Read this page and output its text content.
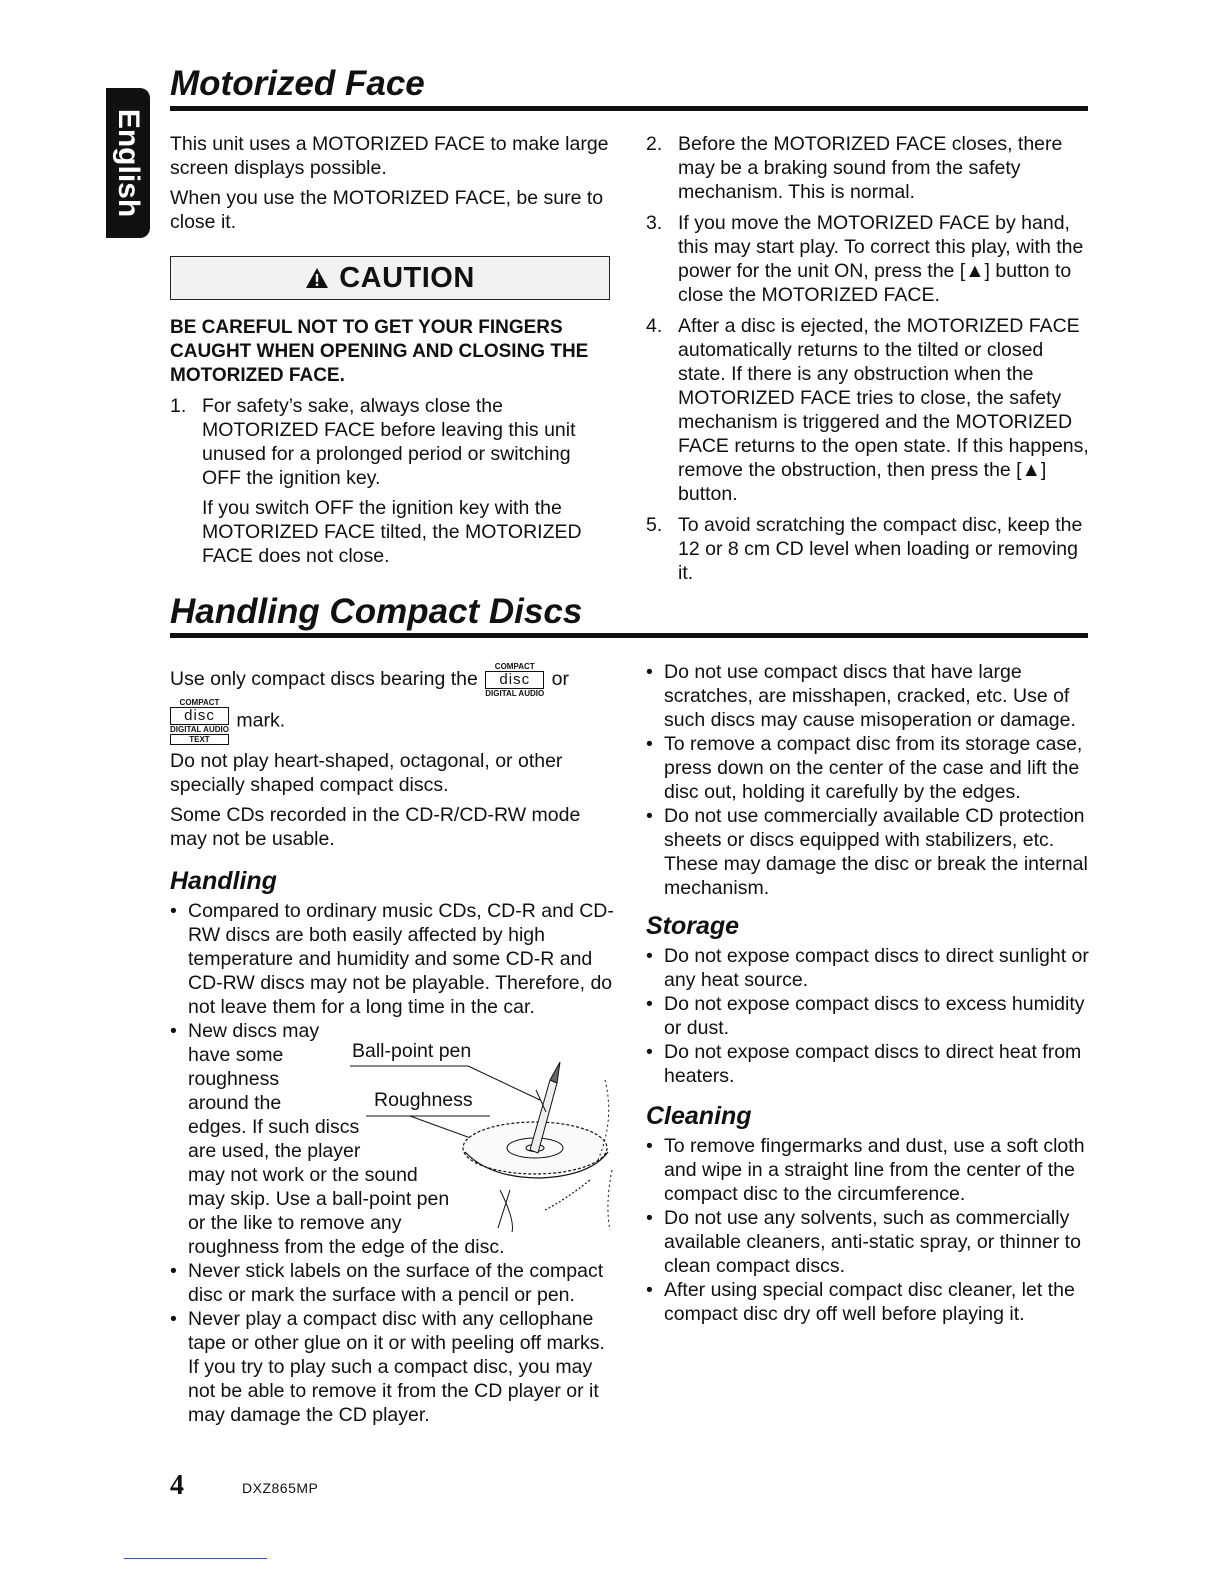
English
Motorized Face

This unit uses a MOTORIZED FACE to make large screen displays possible.

When you use the MOTORIZED FACE, be sure to close it.

CAUTION

BE CAREFUL NOT TO GET YOUR FINGERS CAUGHT WHEN OPENING AND CLOSING THE MOTORIZED FACE.

1. For safety’s sake, always close the MOTORIZED FACE before leaving this unit unused for a prolonged period or switching OFF the ignition key.

If you switch OFF the ignition key with the MOTORIZED FACE tilted, the MOTORIZED FACE does not close.

2. Before the MOTORIZED FACE closes, there may be a braking sound from the safety mechanism. This is normal.
3. If you move the MOTORIZED FACE by hand, this may start play. To correct this play, with the power for the unit ON, press the [▲] button to close the MOTORIZED FACE.
4. After a disc is ejected, the MOTORIZED FACE automatically returns to the tilted or closed state. If there is any obstruction when the MOTORIZED FACE tries to close, the safety mechanism is triggered and the MOTORIZED FACE returns to the open state. If this happens, remove the obstruction, then press the [▲] button.
5. To avoid scratching the compact disc, keep the 12 or 8 cm CD level when loading or removing it.
Handling Compact Discs

Use only compact discs bearing the
COMPACT
disc
DIGITAL AUDIO
or

COMPACT
disc
DIGITAL AUDIO
TEXT
mark.

Do not play heart-shaped, octagonal, or other specially shaped compact discs.

Some CDs recorded in the CD-R/CD-RW mode may not be usable.

Handling
• Compared to ordinary music CDs, CD-R and CD-RW discs are both easily affected by high temperature and humidity and some CD-R and CD-RW discs may not be playable. Therefore, do not leave them for a long time in the car.
• New discs may
have some
roughness
around the
edges. If such discs
are used, the player
may not work or the sound
may skip. Use a ball-point pen
or the like to remove any
roughness from the edge of the disc.
• Never stick labels on the surface of the compact disc or mark the surface with a pencil or pen.
• Never play a compact disc with any cellophane tape or other glue on it or with peeling off marks. If you try to play such a compact disc, you may not be able to remove it from the CD player or it may damage the CD player.
Ball-point pen
Roughness
• Do not use compact discs that have large scratches, are misshapen, cracked, etc. Use of such discs may cause misoperation or damage.
• To remove a compact disc from its storage case, press down on the center of the case and lift the disc out, holding it carefully by the edges.
• Do not use commercially available CD protection sheets or discs equipped with stabilizers, etc. These may damage the disc or break the internal mechanism.
Storage
• Do not expose compact discs to direct sunlight or any heat source.
• Do not expose compact discs to excess humidity or dust.
• Do not expose compact discs to direct heat from heaters.
Cleaning
• To remove fingermarks and dust, use a soft cloth and wipe in a straight line from the center of the compact disc to the circumference.
• Do not use any solvents, such as commercially available cleaners, anti-static spray, or thinner to clean compact discs.
• After using special compact disc cleaner, let the compact disc dry off well before playing it.
4	DXZ865MP
